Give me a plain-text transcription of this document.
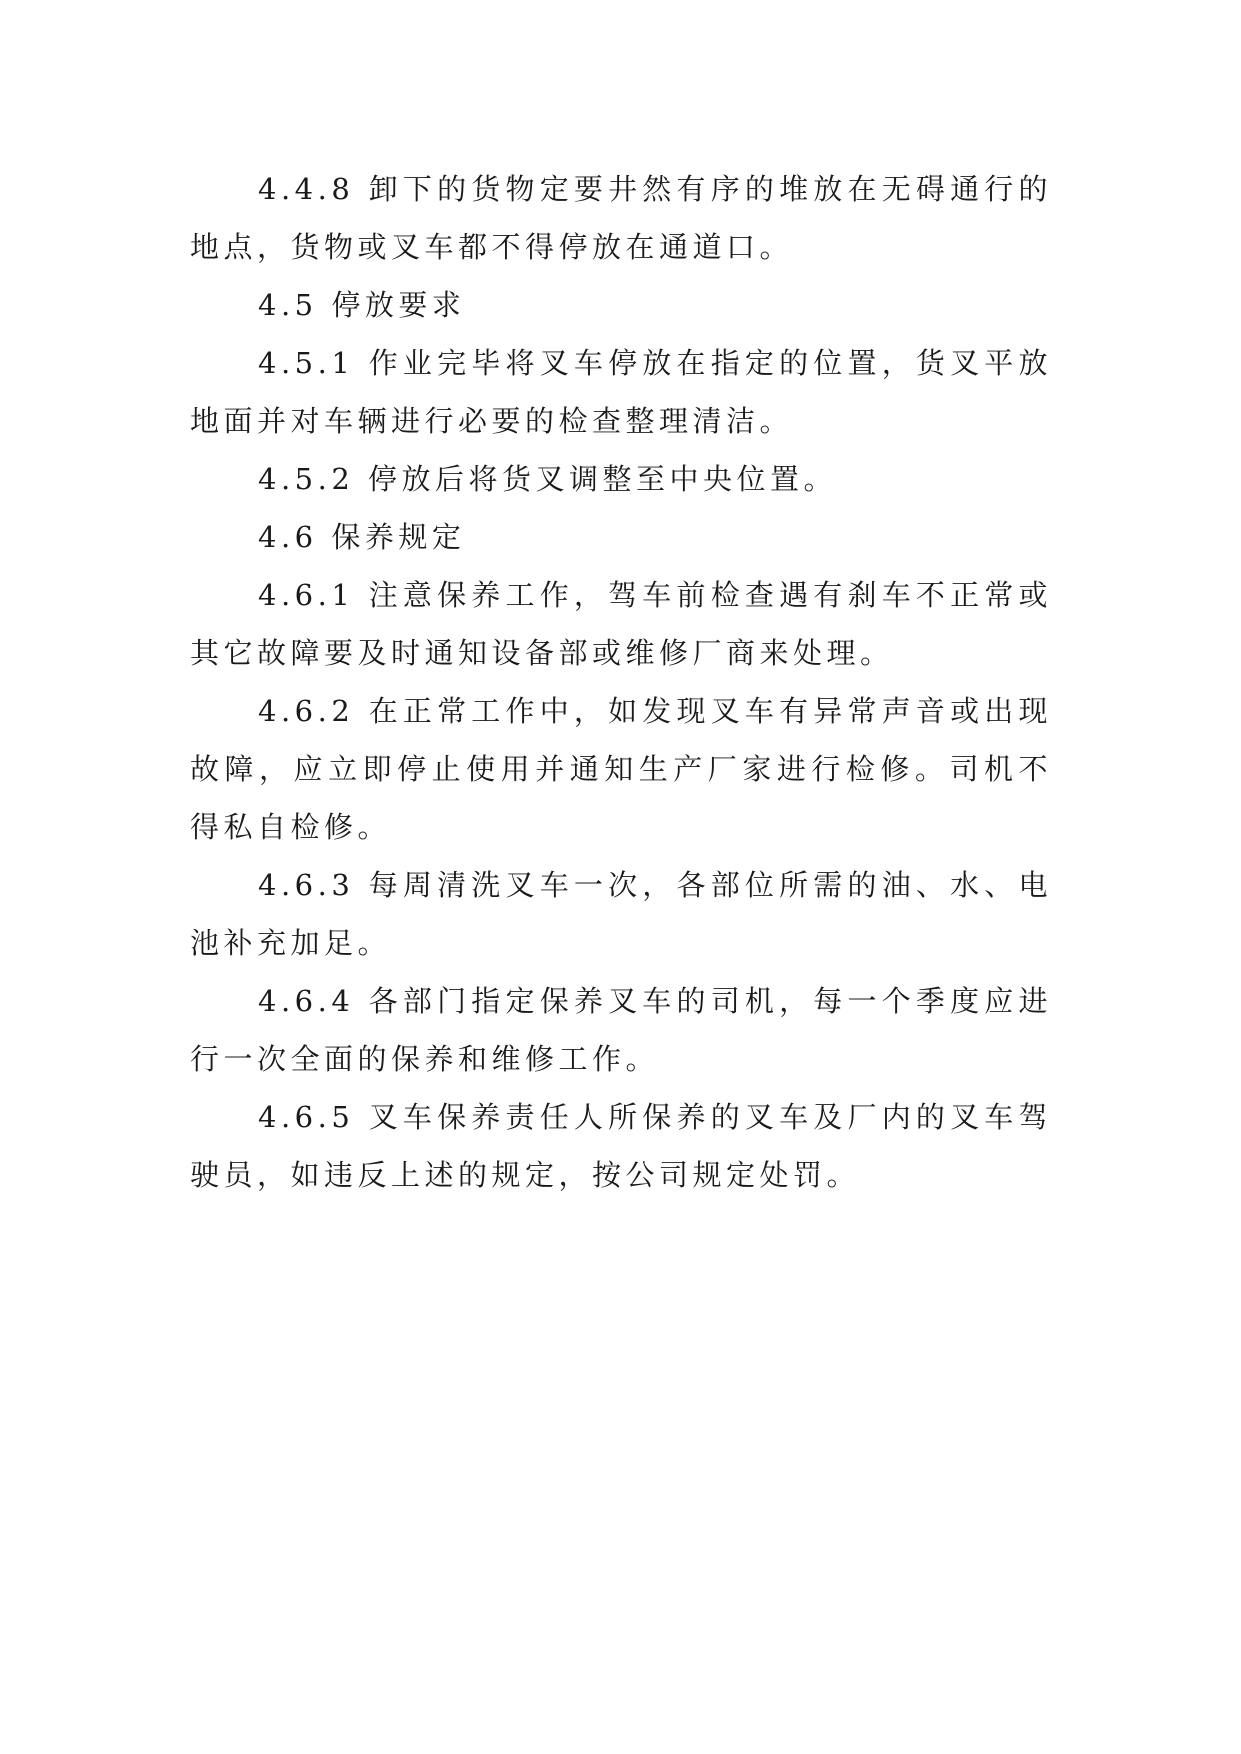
4.4.8 卸下的货物定要井然有序的堆放在无碍通行的地点，货物或叉车都不得停放在通道口。

4.5 停放要求

4.5.1 作业完毕将叉车停放在指定的位置，货叉平放地面并对车辆进行必要的检查整理清洁。

4.5.2 停放后将货叉调整至中央位置。

4.6 保养规定

4.6.1 注意保养工作，驾车前检查遇有刹车不正常或其它故障要及时通知设备部或维修厂商来处理。

4.6.2 在正常工作中，如发现叉车有异常声音或出现故障，应立即停止使用并通知生产厂家进行检修。司机不得私自检修。

4.6.3 每周清洗叉车一次，各部位所需的油、水、电池补充加足。

4.6.4 各部门指定保养叉车的司机，每一个季度应进行一次全面的保养和维修工作。

4.6.5 叉车保养责任人所保养的叉车及厂内的叉车驾驶员，如违反上述的规定，按公司规定处罚。
